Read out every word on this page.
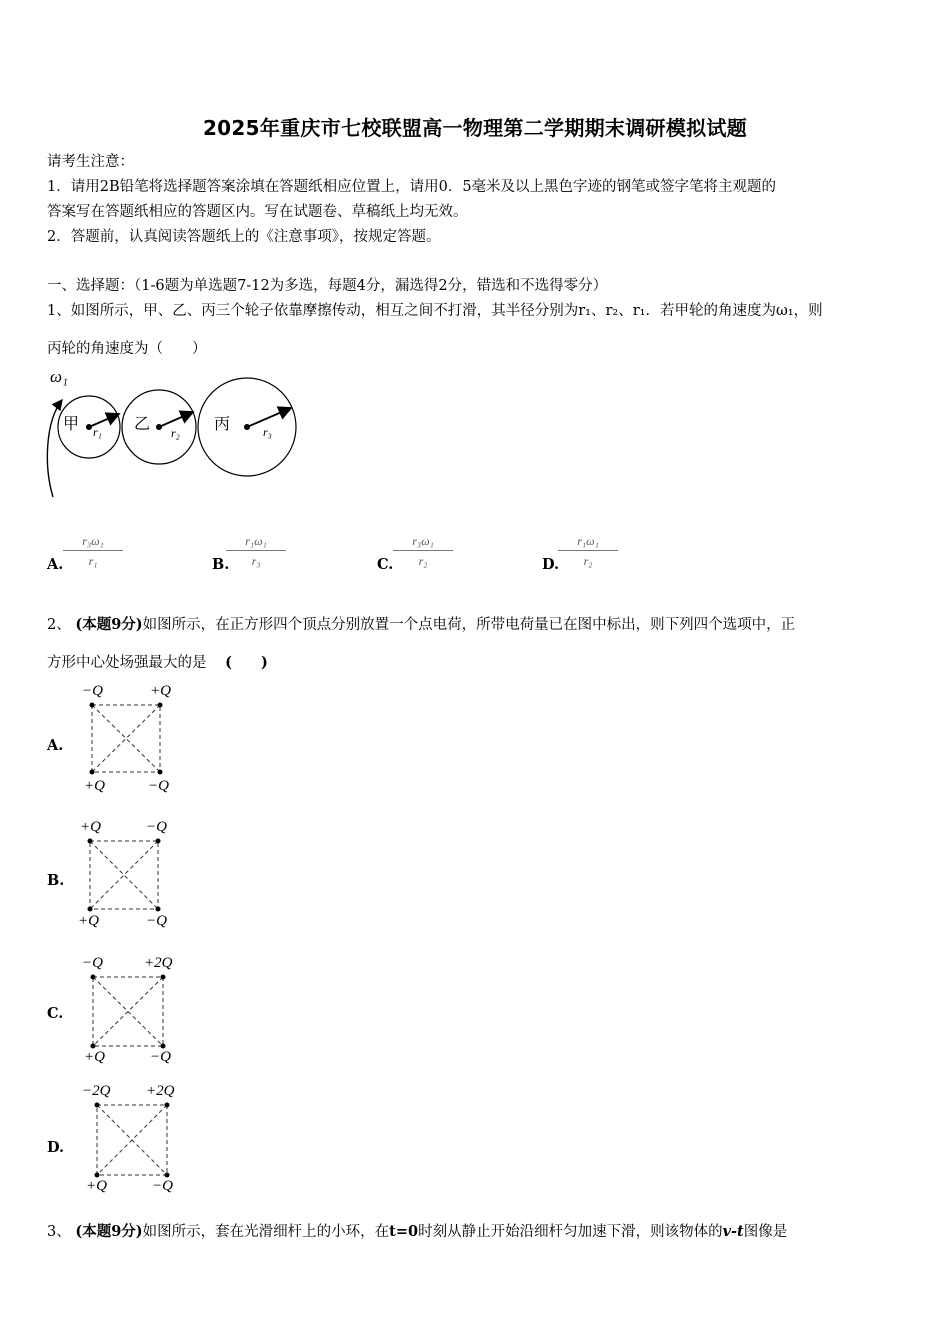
2025年重庆市七校联盟高一物理第二学期期末调研模拟试题
请考生注意：
1．请用2B铅笔将选择题答案涂填在答题纸相应位置上，请用0．5毫米及以上黑色字迹的钢笔或签字笔将主观题的
答案写在答题纸相应的答题区内。写在试题卷、草稿纸上均无效。
2．答题前，认真阅读答题纸上的《注意事项》，按规定答题。
一、选择题：（1-6题为单选题7-12为多选，每题4分，漏选得2分，错选和不选得零分）
1、如图所示，甲、乙、丙三个轮子依靠摩擦传动，相互之间不打滑，其半径分别为r₁、r₂、r₁．若甲轮的角速度为ω₁，则
丙轮的角速度为（　　）
ω₁
甲 r₁ 乙 r₂ 丙	r₃
A. $\frac{\text{r₃ω₁}}{\text{r₁}}$	B.
$\frac{\text{r₁ω₁}}{\text{r₃}}$	C. $\frac{\text{r₃ω₁}}{\text{r₂}}$	D.
$\frac{\text{r₁ω₁}}{\text{r₂}}$
2、 (本题9分)如图所示，在正方形四个顶点分别放置一个点电荷，所带电荷量已在图中标出，则下列四个选项中，正
方形中心处场强最大的是 (　　)
A.
−Q	+Q
+Q	−Q
B.
+Q	−Q
+Q	−Q
C.
−Q	+2Q
+Q	−Q
D.
−2Q +2Q
+Q	−Q
3、 (本题9分)如图所示，套在光滑细杆上的小环，在t=0时刻从静止开始沿细杆匀加速下滑，则该物体的v-t图像是
